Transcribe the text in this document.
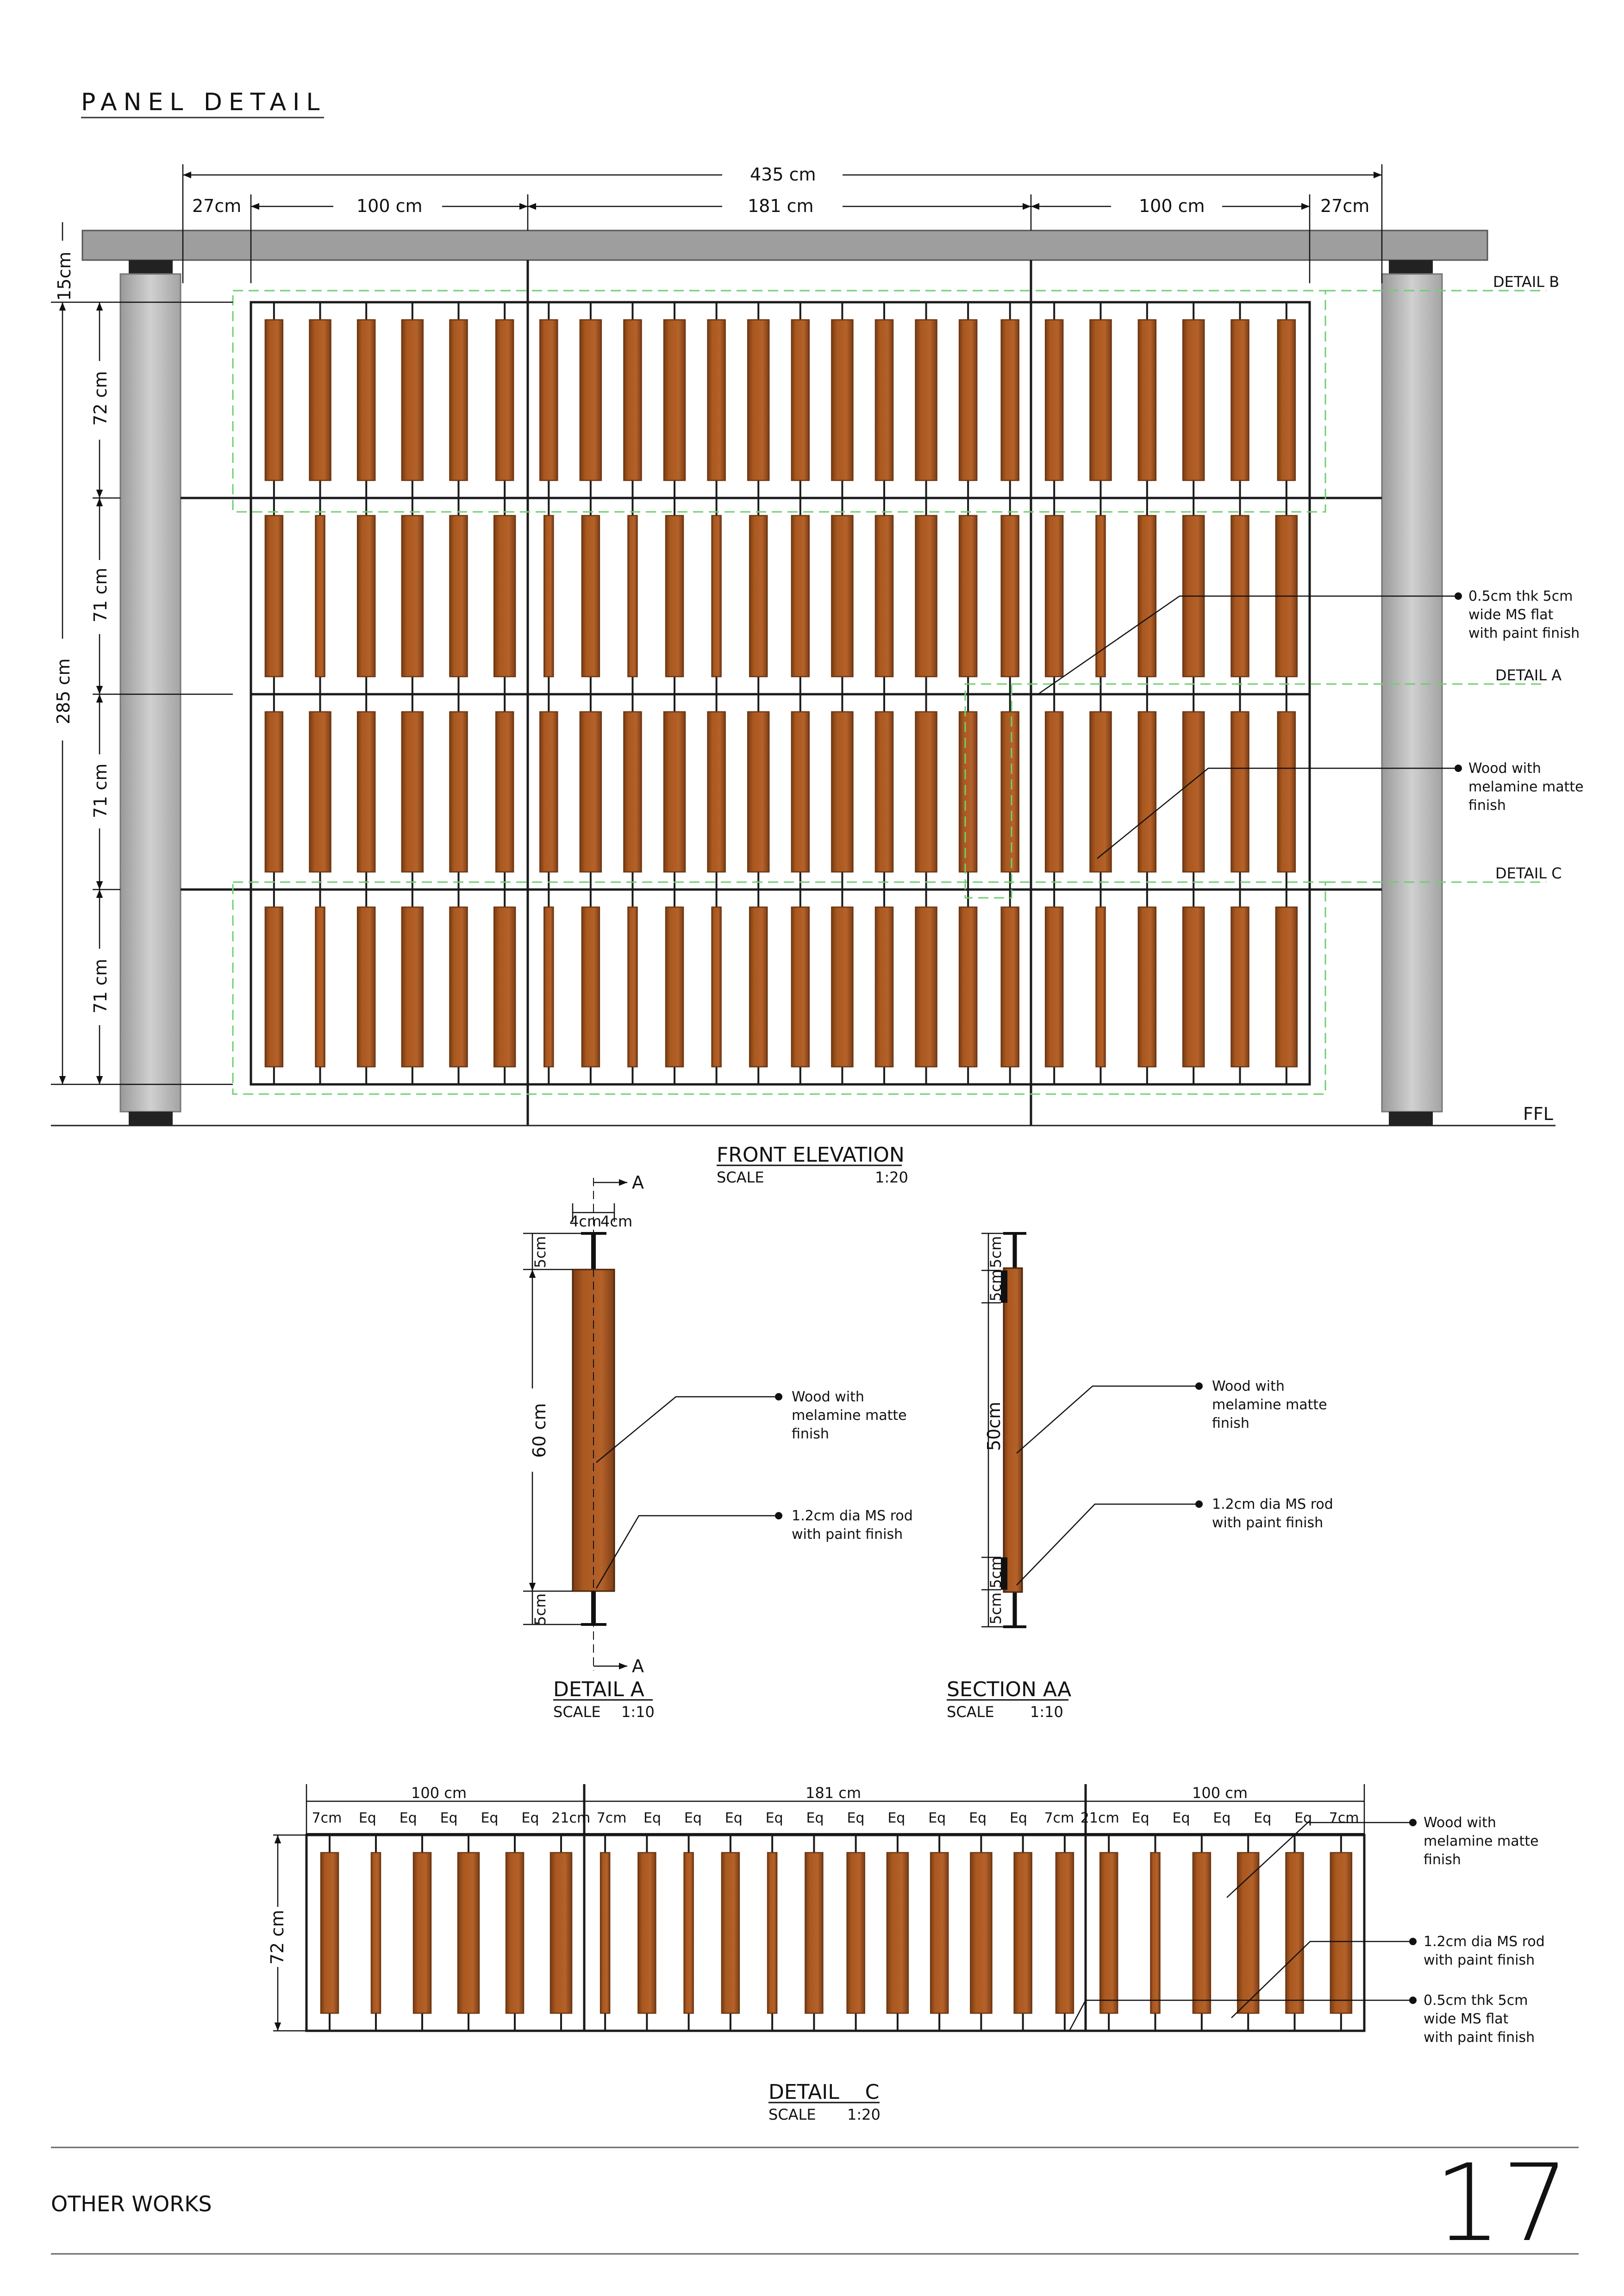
PANEL DETAIL
FFL
DETAIL B
DETAIL A
DETAIL C
435 cm
27cm	100 cm	181 cm	100 cm	27cm
15cm
285 cm
72 cm
71 cm
71 cm
71 cm
0.5cm thk 5cm wide MS flat with paint finish
Wood with melamine matte finish
FRONT ELEVATION
SCALE	1:20
A
A
4cm
4cm
5cm
60 cm
5cm
Wood with melamine matte finish
1.2cm dia MS rod with paint finish
DETAIL A
SCALE 1:10
5cm
5cm
50cm
5cm
5cm
Wood with melamine matte finish
1.2cm dia MS rod with paint finish
SECTION AA
SCALE 1:10
100 cm	181 cm	100 cm
7cm Eq Eq Eq Eq Eq 21cm 7cm Eq Eq Eq Eq Eq Eq Eq Eq Eq Eq 7cm 21cm Eq Eq Eq Eq Eq 7cm
72 cm
Wood with melamine matte finish
1.2cm dia MS rod with paint finish
0.5cm thk 5cm wide MS flat with paint finish
DETAIL    C
SCALE 1:20
OTHER WORKS	17
